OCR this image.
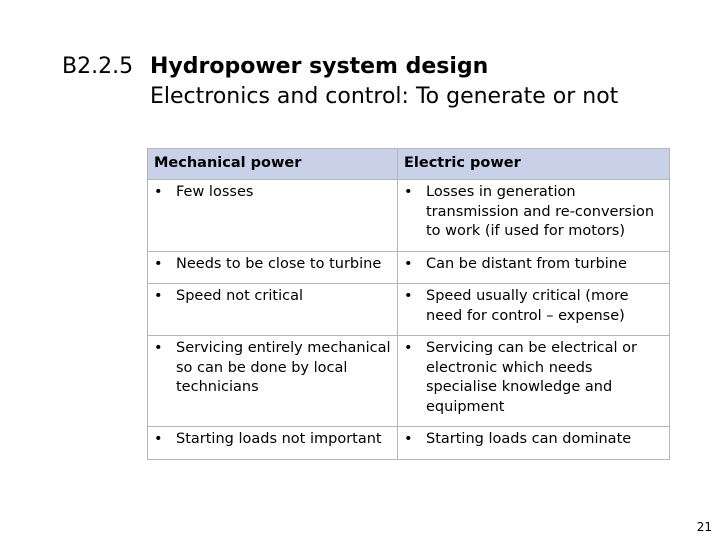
B2.2.5 Hydropower system design
Electronics and control: To generate or not
Mechanical power	Electric power

• Few losses	• Losses in generation transmission and re-conversion to work (if used for motors)

• Needs to be close to turbine	• Can be distant from turbine

• Speed not critical	• Speed usually critical (more need for control – expense)

• Servicing entirely mechanical so can be done by local technicians	• Servicing can be electrical or electronic which needs specialise knowledge and equipment

• Starting loads not important	• Starting loads can dominate
21
